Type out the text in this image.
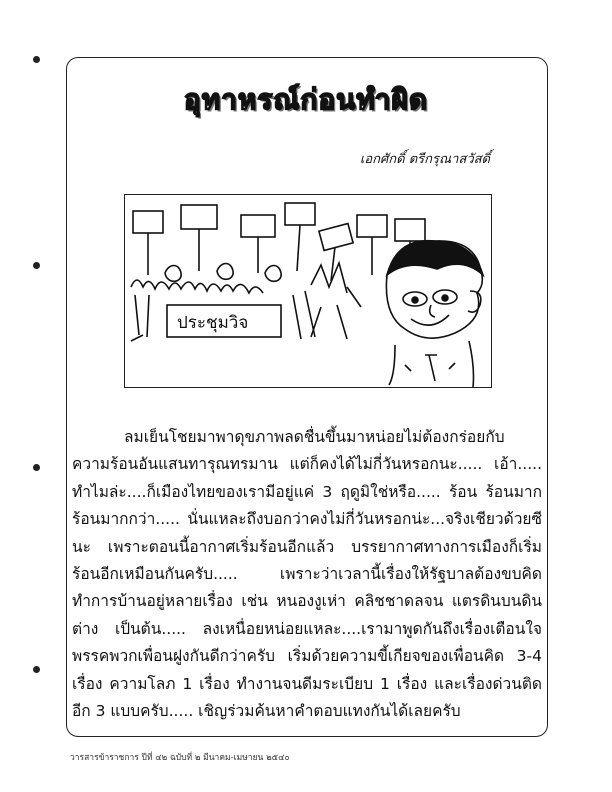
อุทาหรณ์ก่อนทำผิด
เอกศักดิ์ ตรีกรุณาสวัสดิ์
ประชุมวิจ
ลมเย็นโชยมาพาดุขภาพลดชื่นขึ้นมาหน่อยไม่ต้องกร่อยกับความร้อนอันแสนทารุณทรมาน แต่ก็คงได้ไม่กี่วันหรอกนะ..... เอ้า..... ทำไมล่ะ....ก็เมืองไทยของเรามีอยู่แค่ 3 ฤดูมิใช่หรือ..... ร้อน ร้อนมาก ร้อนมากกว่า..... นั่นแหละถึงบอกว่าคงไม่กี่วันหรอกน่ะ...จริงเชียวด้วยซีนะ เพราะตอนนี้อากาศเริ่มร้อนอีกแล้ว บรรยากาศทางการเมืองก็เริ่มร้อนอีกเหมือนกันครับ..... เพราะว่าเวลานี้เรื่องให้รัฐบาลต้องขบคิดทำการบ้านอยู่หลายเรื่อง เช่น หนองงูเห่า คลิชชาดลจน แตรดินบนดินต่าง เป็นต้น..... ลงเหนื่อยหน่อยแหละ....เรามาพูดกันถึงเรื่องเตือนใจพรรคพวกเพื่อนฝูงกันดีกว่าครับ เริ่มด้วยความขี้เกียจของเพื่อนคิด 3-4 เรื่อง ความโลภ 1 เรื่อง ทำงานจนดีมระเบียบ 1 เรื่อง และเรื่องด่วนติดอีก 3 แบบครับ..... เชิญร่วมค้นหาคำตอบแทงกันได้เลยครับ
วารสารข้าราชการ ปีที่ ๔๒ ฉบับที่ ๒ มีนาคม-เมษายน ๒๕๔๐
